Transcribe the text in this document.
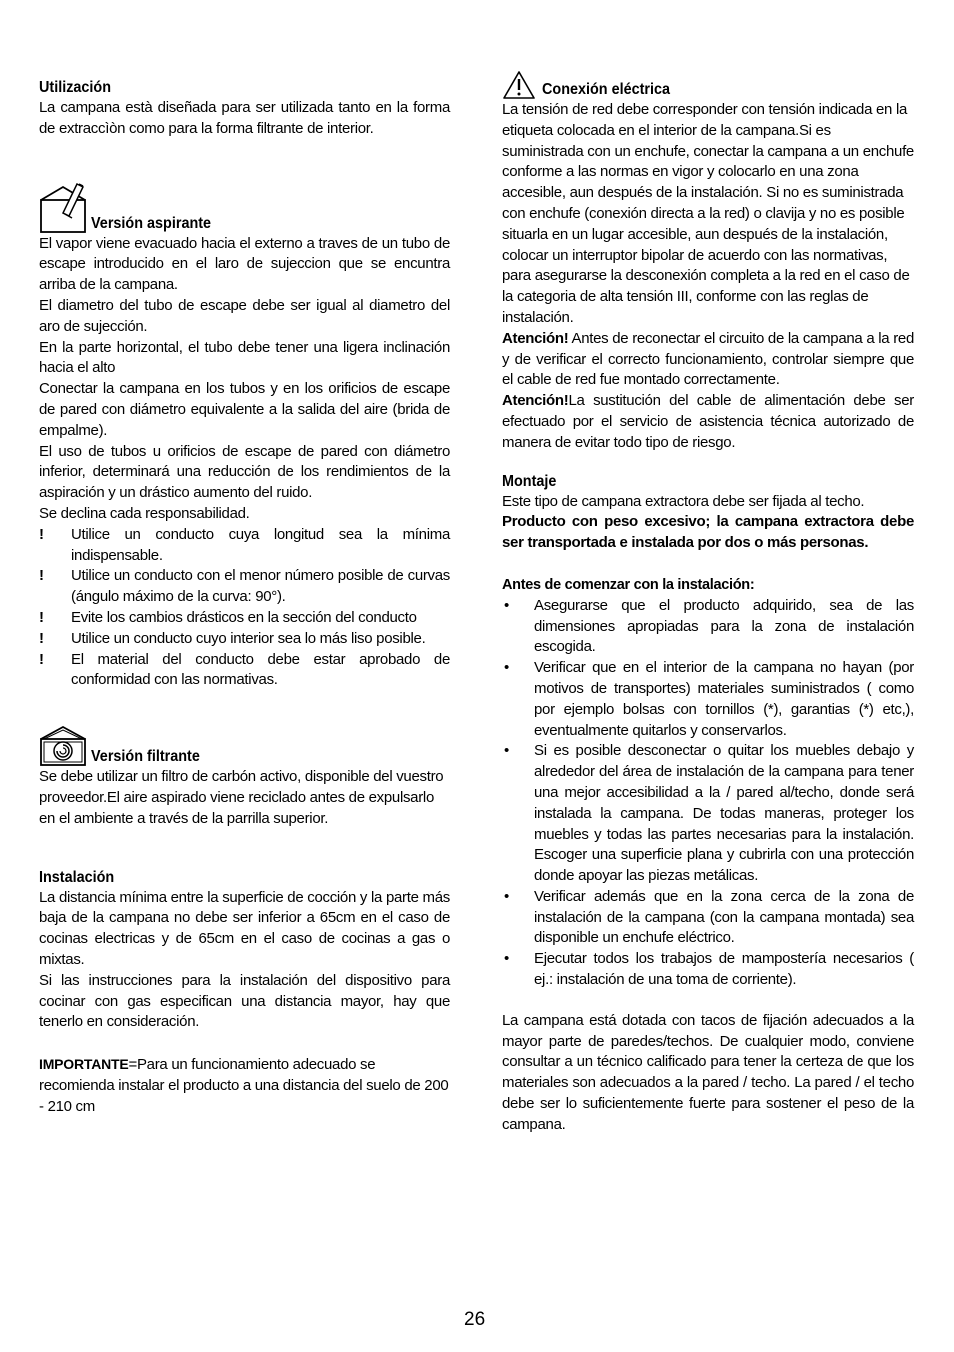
Utilización

La campana està diseñada para ser utilizada tanto en la forma de extraccìòn como para la forma filtrante de interior.

Versión aspirante

El vapor viene evacuado hacia el externo a traves de un tubo de escape introducido en el laro de sujeccion que se encuntra arriba de la campana.

El diametro del tubo de escape debe ser igual al diametro del aro de sujección.

En la parte horizontal, el tubo debe tener una ligera inclinación hacia el alto

Conectar la campana en los tubos y en los orificios de escape de pared con diámetro equivalente a la salida del aire (brida de empalme).

El uso de tubos u orificios de escape de pared con diámetro inferior, determinará una reducción de los rendimientos de la aspiración y un drástico aumento del ruido.

Se declina cada responsabilidad.

! Utilice un conducto cuya longitud sea la mínima indispensable.
! Utilice un conducto con el menor número posible de curvas (ángulo máximo de la curva: 90°).
! Evite los cambios drásticos en la sección del conducto
! Utilice un conducto cuyo interior sea lo más liso posible.
! El material del conducto debe estar aprobado de conformidad con las normativas.
Versión filtrante

Se debe utilizar un filtro de carbón activo, disponible del vuestro proveedor.El aire aspirado viene reciclado antes de expulsarlo en el ambiente a través de la parrilla superior.

Instalación

La distancia mínima entre la superficie de cocción y la parte más baja de la campana no debe ser inferior a 65cm en el caso de cocinas electricas y de 65cm en el caso de cocinas a gas o mixtas.

Si las instrucciones para la instalación del dispositivo para cocinar con gas especifican una distancia mayor, hay que tenerlo en consideración.

IMPORTANTE=Para un funcionamiento adecuado se recomienda instalar el producto a una distancia del suelo de 200 - 210 cm

Conexión eléctrica

La tensión de red debe corresponder con tensión indicada en la etiqueta colocada en el interior de la campana.Si es suministrada con un enchufe, conectar la campana a un enchufe conforme a las normas en vigor y colocarlo en una zona accesible, aun después de la instalación. Si no es suministrada con enchufe (conexión directa a la red) o clavija y no es posible situarla en un lugar accesible, aun después de la instalación, colocar un interruptor bipolar de acuerdo con las normativas, para asegurarse la desconexión completa a la red en el caso de la categoria de alta tensión III, conforme con las reglas de instalación.

Atención! Antes de reconectar el circuito de la campana a la red y de verificar el correcto funcionamiento, controlar siempre que el cable de red fue montado correctamente.

Atención!La sustitución del cable de alimentación debe ser efectuado por el servicio de asistencia técnica autorizado de manera de evitar todo tipo de riesgo.

Montaje

Este tipo de campana extractora debe ser fijada al techo.

Producto con peso excesivo; la campana extractora debe ser transportada e instalada por dos o más personas.

Antes de comenzar con la instalación:

• Asegurarse que el producto adquirido, sea de las dimensiones apropiadas para la zona de instalación escogida.
• Verificar que en el interior de la campana no hayan (por motivos de transportes) materiales suministrados ( como por ejemplo bolsas con tornillos (*), garantias (*) etc,), eventualmente quitarlos y conservarlos.
• Si es posible desconectar o quitar los muebles debajo y alrededor del área de instalación de la campana para tener una mejor accesibilidad a la / pared al/techo, donde será instalada la campana. De todas maneras, proteger los muebles y todas las partes necesarias para la instalación. Escoger una superficie plana y cubrirla con una protección donde apoyar las piezas metálicas.
• Verificar además que en la zona cerca de la zona de instalación de la campana (con la campana montada) sea disponible un enchufe eléctrico.
• Ejecutar todos los trabajos de mampostería necesarios ( ej.: instalación de una toma de corriente).

La campana está dotada con tacos de fijación adecuados a la mayor parte de paredes/techos. De cualquier modo, conviene consultar a un técnico calificado para tener la certeza de que los materiales son adecuados a la pared / techo. La pared / el techo debe ser lo suficientemente fuerte para sostener el peso de la campana.

26
